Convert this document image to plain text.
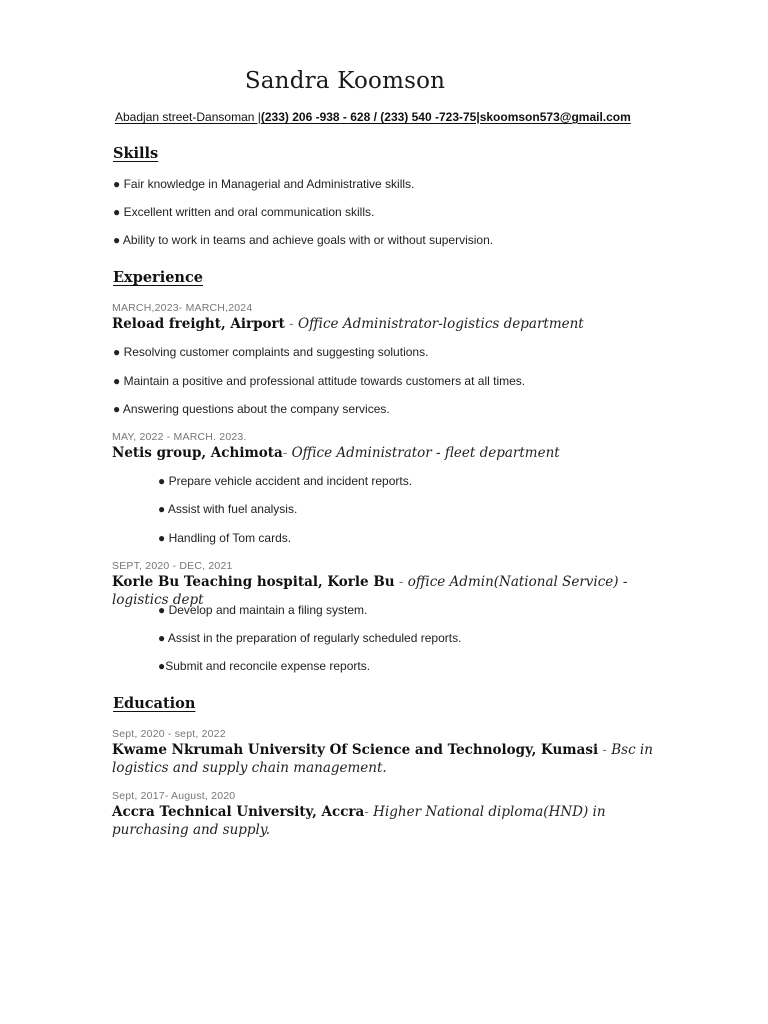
Sandra Koomson
Abadjan street-Dansoman |(233) 206 -938 - 628 / (233) 540 -723-75|skoomson573@gmail.com
Skills
● Fair knowledge in Managerial and Administrative skills.
● Excellent written and oral communication skills.
● Ability to work in teams and achieve goals with or without supervision.
Experience
MARCH,2023- MARCH,2024
Reload freight, Airport - Office Administrator-logistics department
● Resolving customer complaints and suggesting solutions.
● Maintain a positive and professional attitude towards customers at all times.
● Answering questions about the company services.
MAY, 2022 - MARCH. 2023.
Netis group, Achimota- Office Administrator - fleet department
● Prepare vehicle accident and incident reports.
● Assist with fuel analysis.
● Handling of Tom cards.
SEPT, 2020 - DEC, 2021
Korle Bu Teaching hospital, Korle Bu - office Admin(National Service) - logistics dept
● Develop and maintain a filing system.
● Assist in the preparation of regularly scheduled reports.
●Submit and reconcile expense reports.
Education
Sept, 2020 - sept, 2022
Kwame Nkrumah University Of Science and Technology, Kumasi - Bsc in logistics and supply chain management.
Sept, 2017- August, 2020
Accra Technical University, Accra- Higher National diploma(HND) in purchasing and supply.
